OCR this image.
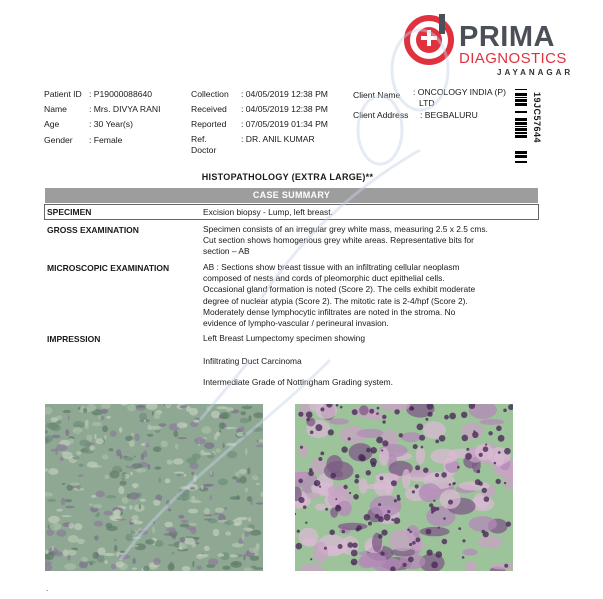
PRIMA
DIAGNOSTICS
JAYANAGAR
Patient ID : P19000088640
Name	: Mrs. DIVYA RANI
Age	: 30 Year(s)
Gender : Female
Collection : 04/05/2019 12:38 PM
Received : 04/05/2019 12:38 PM
Reported : 07/05/2019 01:34 PM
Ref.
Doctor
: DR. ANIL KUMAR
Client Name : ONCOLOGY INDIA (P)
LTD
Client Address : BEGBALURU	19JC57644
HISTOPATHOLOGY (EXTRA LARGE)**
CASE SUMMARY
SPECIMEN	Excision biopsy - Lump, left breast.
GROSS EXAMINATION	Specimen consists of an irregular grey white mass, measuring 2.5 x 2.5 cms.

Cut section shows homogenous grey white areas. Representative bits for

section – AB

MICROSCOPIC EXAMINATION	AB : Sections show breast tissue with an infiltrating cellular neoplasm

composed of nests and cords of pleomorphic duct epithelial cells.

Occasional gland formation is noted (Score 2). The cells exhibit moderate

degree of nuclear atypia (Score 2). The mitotic rate is 2-4/hpf (Score 2).

Moderately dense lymphocytic infiltrates are noted in the stroma. No

evidence of lympho-vascular / perineural invasion.

IMPRESSION	Left Breast Lumpectomy specimen showing
Infiltrating Duct Carcinoma
Intermediate Grade of Nottingham Grading system.
.
